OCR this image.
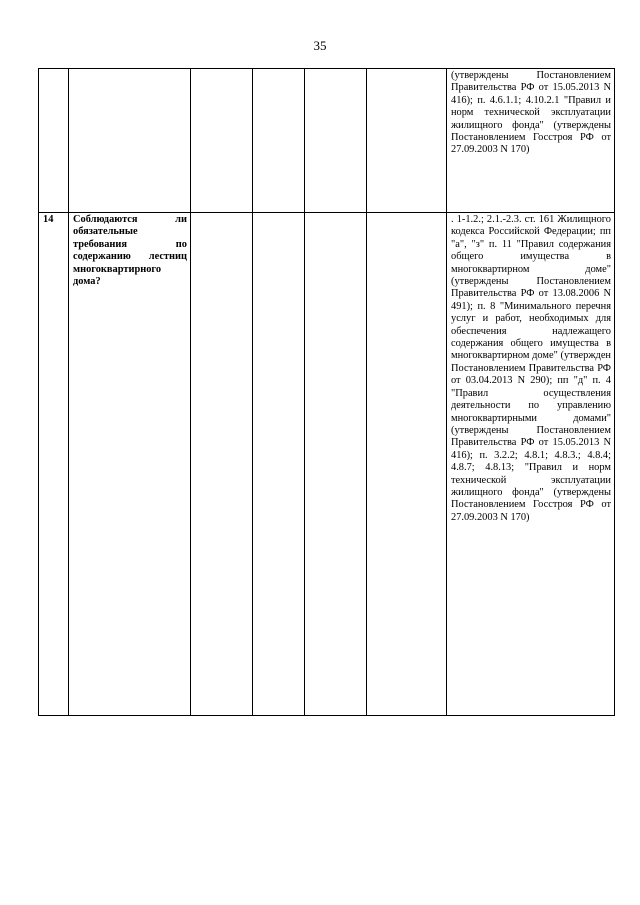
35
						(утверждены Постановлением Правительства РФ от 15.05.2013 N 416); п. 4.6.1.1; 4.10.2.1 "Правил и норм технической эксплуатации жилищного фонда" (утверждены Постановлением Госстроя РФ от 27.09.2003 N 170)
14	Соблюдаются ли обязательные требования по содержанию лестниц многоквартирного дома?					. 1-1.2.; 2.1.-2.3. ст. 161 Жилищного кодекса Российской Федерации; пп "а", "з" п. 11 "Правил содержания общего имущества в многоквартирном доме" (утверждены Постановлением Правительства РФ от 13.08.2006 N 491); п. 8 "Минимального перечня услуг и работ, необходимых для обеспечения надлежащего содержания общего имущества в многоквартирном доме" (утвержден Постановлением Правительства РФ от 03.04.2013 N 290); пп "д" п. 4 "Правил осуществления деятельности по управлению многоквартирными домами" (утверждены Постановлением Правительства РФ от 15.05.2013 N 416); п. 3.2.2; 4.8.1; 4.8.3.; 4.8.4; 4.8.7; 4.8.13; "Правил и норм технической эксплуатации жилищного фонда" (утверждены Постановлением Госстроя РФ от 27.09.2003 N 170)
